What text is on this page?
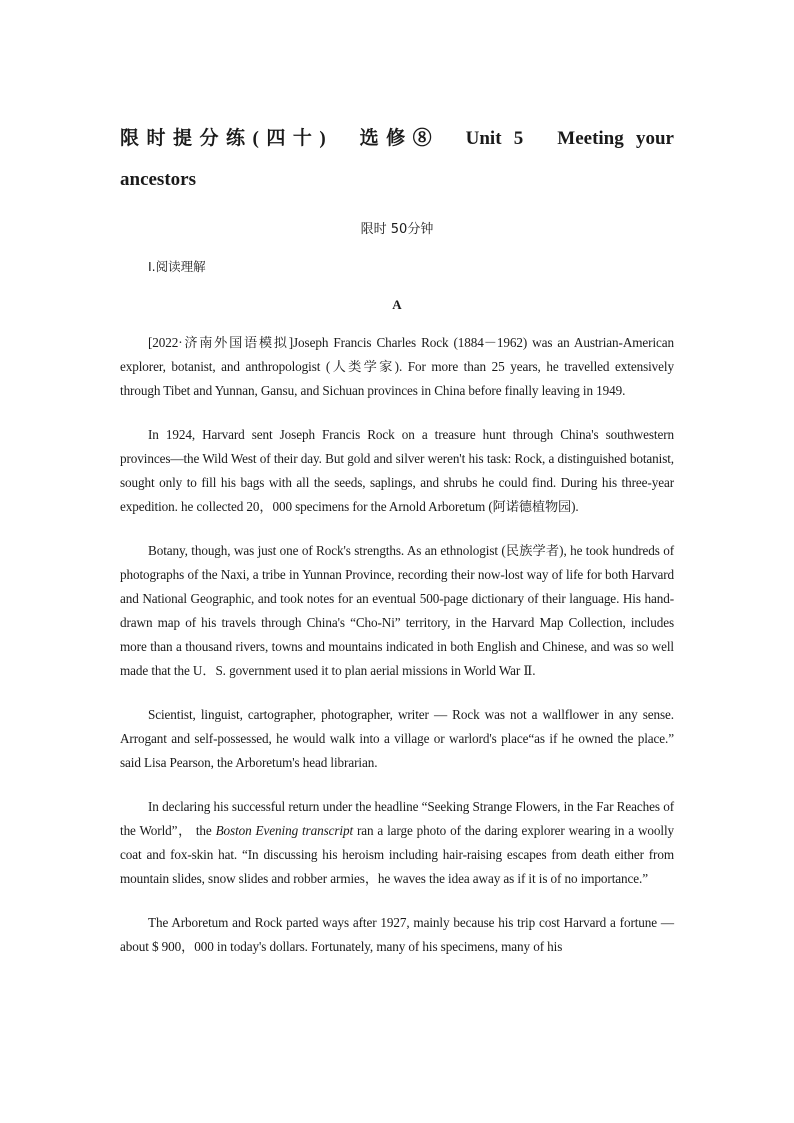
限时提分练(四十)　选修⑧　Unit 5　Meeting your
ancestors
限时 50分钟
Ⅰ.阅读理解
A

[2022·济南外国语模拟]Joseph Francis Charles Rock (1884－1962) was an Austrian-American explorer, botanist, and anthropologist (人类学家). For more than 25 years, he travelled extensively through Tibet and Yunnan, Gansu, and Sichuan provinces in China before finally leaving in 1949.

In 1924, Harvard sent Joseph Francis Rock on a treasure hunt through China's southwestern provinces—the Wild West of their day. But gold and silver weren't his task: Rock, a distinguished botanist, sought only to fill his bags with all the seeds, saplings, and shrubs he could find. During his three-year expedition. he collected 20，000 specimens for the Arnold Arboretum (阿诺德植物园).

Botany, though, was just one of Rock's strengths. As an ethnologist (民族学者), he took hundreds of photographs of the Naxi, a tribe in Yunnan Province, recording their now-lost way of life for both Harvard and National Geographic, and took notes for an eventual 500-page dictionary of their language. His hand-drawn map of his travels through China's “Cho-Ni” territory, in the Harvard Map Collection, includes more than a thousand rivers, towns and mountains indicated in both English and Chinese, and was so well made that the U．S. government used it to plan aerial missions in World War Ⅱ.

Scientist, linguist, cartographer, photographer, writer — Rock was not a wallflower in any sense. Arrogant and self-possessed, he would walk into a village or warlord's place“as if he owned the place.” said Lisa Pearson, the Arboretum's head librarian.

In declaring his successful return under the headline “Seeking Strange Flowers, in the Far Reaches of the World”， the Boston Evening transcript ran a large photo of the daring explorer wearing in a woolly coat and fox-skin hat. “In discussing his heroism including hair-raising escapes from death either from mountain slides, snow slides and robber armies，he waves the idea away as if it is of no importance.”

The Arboretum and Rock parted ways after 1927, mainly because his trip cost Harvard a fortune — about $ 900，000 in today's dollars. Fortunately, many of his specimens, many of his
